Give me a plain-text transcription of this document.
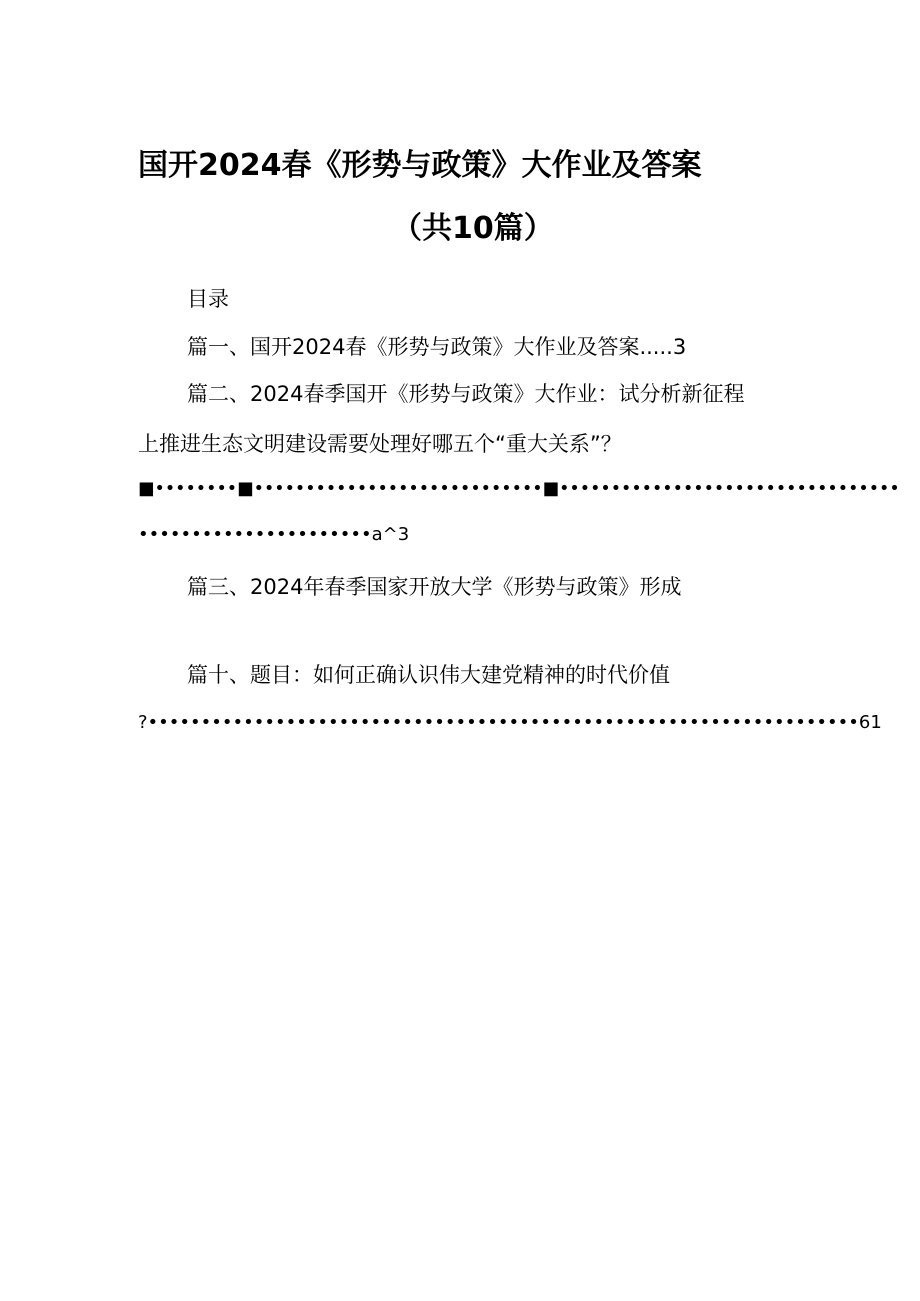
国开2024春《形势与政策》大作业及答案
（共10篇）
目录
篇一、国开2024春《形势与政策》大作业及答案.....3
篇二、2024春季国开《形势与政策》大作业：试分析新征程
上推进生态文明建设需要处理好哪五个“重大关系”？
■••••••••■••••••••••••••••••••••••••••■•••••••••••••••••••••••••••••••••
••••••••••••••••••••••a^3
篇三、2024年春季国家开放大学《形势与政策》形成
篇十、题目：如何正确认识伟大建党精神的时代价值
?•••••••••••••••••••••••••••••••••••••••••••••••••••••••••••••••••••61
